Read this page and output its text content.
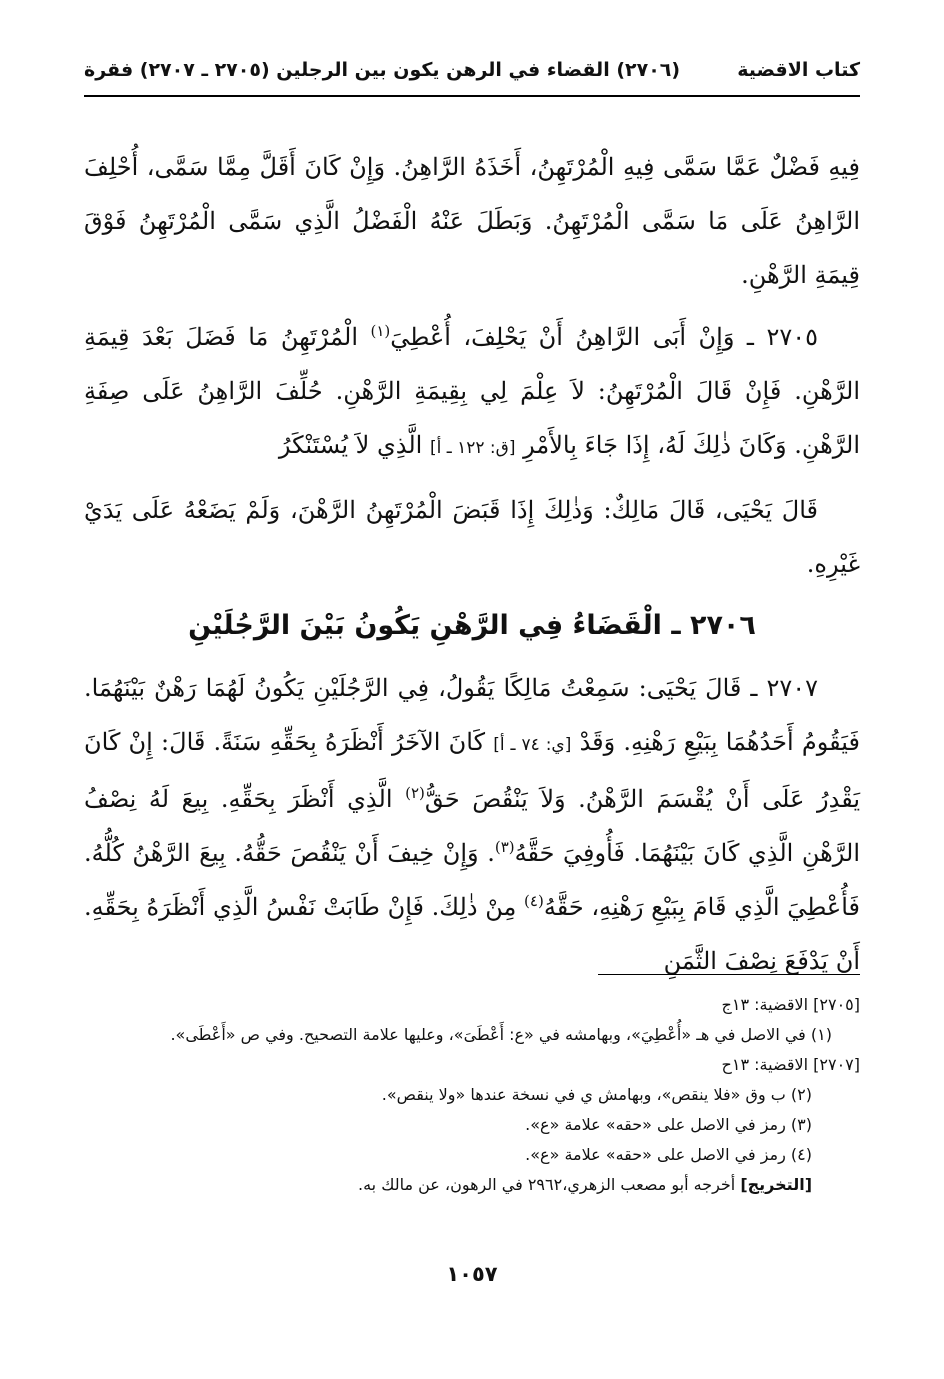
كتاب الاقضية
(٢٧٠٦) القضاء في الرهن يكون بين الرجلين (٢٧٠٥ ـ ٢٧٠٧) فقرة

فِيهِ فَضْلٌ عَمَّا سَمَّى فِيهِ الْمُرْتَهِنُ، أَخَذَهُ الرَّاهِنُ. وَإِنْ كَانَ أَقَلَّ مِمَّا سَمَّى، أُحْلِفَ الرَّاهِنُ عَلَى مَا سَمَّى الْمُرْتَهِنُ. وَبَطَلَ عَنْهُ الْفَضْلُ الَّذِي سَمَّى الْمُرْتَهِنُ فَوْقَ قِيمَةِ الرَّهْنِ.

٢٧٠٥ ـ وَإِنْ أَبَى الرَّاهِنُ أَنْ يَحْلِفَ، أُعْطِيَ$^{(١)}$ الْمُرْتَهِنُ مَا فَضَلَ بَعْدَ قِيمَةِ الرَّهْنِ. فَإِنْ قَالَ الْمُرْتَهِنُ: لاَ عِلْمَ لِي بِقِيمَةِ الرَّهْنِ. حُلِّفَ الرَّاهِنُ عَلَى صِفَةِ الرَّهْنِ. وَكَانَ ذٰلِكَ لَهُ، إِذَا جَاءَ بِالأَمْرِ [ق: ١٢٢ ـ أ] الَّذِي لاَ يُسْتَنْكَرُ

قَالَ يَحْيَى، قَالَ مَالِكٌ: وَذٰلِكَ إِذَا قَبَضَ الْمُرْتَهِنُ الرَّهْنَ، وَلَمْ يَضَعْهُ عَلَى يَدَيْ غَيْرِهِ.

٢٧٠٦ ـ الْقَضَاءُ فِي الرَّهْنِ يَكُونُ بَيْنَ الرَّجُلَيْنِ

٢٧٠٧ ـ قَالَ يَحْيَى: سَمِعْتُ مَالِكًا يَقُولُ، فِي الرَّجُلَيْنِ يَكُونُ لَهُمَا رَهْنٌ بَيْنَهُمَا. فَيَقُومُ أَحَدُهُمَا بِبَيْعِ رَهْنِهِ. وَقَدْ [ي: ٧٤ ـ أ] كَانَ الآخَرُ أَنْظَرَهُ بِحَقِّهِ سَنَةً. قَالَ: إِنْ كَانَ يَقْدِرُ عَلَى أَنْ يُقْسَمَ الرَّهْنُ. وَلاَ يَنْقُصَ حَقُّ$^{(٢)}$ الَّذِي أَنْظَرَ بِحَقِّهِ. بِيعَ لَهُ نِصْفُ الرَّهْنِ الَّذِي كَانَ بَيْنَهُمَا. فَأُوفِيَ حَقَّهُ$^{(٣)}$. وَإِنْ خِيفَ أَنْ يَنْقُصَ حَقُّهُ. بِيعَ الرَّهْنُ كُلُّهُ. فَأُعْطِيَ الَّذِي قَامَ بِبَيْعِ رَهْنِهِ، حَقَّهُ$^{(٤)}$ مِنْ ذٰلِكَ. فَإِنْ طَابَتْ نَفْسُ الَّذِي أَنْظَرَهُ بِحَقِّهِ. أَنْ يَدْفَعَ نِصْفَ الثَّمَنِ

[٢٧٠٥] الاقضية: ١٣ج

(١) في الاصل في هـ «أُعْطِيَ»، وبهامشه في «ع: أَعْطَىَ»، وعليها علامة التصحيح. وفي ص «أَعْطَى».

[٢٧٠٧] الاقضية: ١٣ح

(٢) ب وق «فلا ينقص»، وبهامش ي في نسخة عندها «ولا ينقص».

(٣) رمز في الاصل على «حقه» علامة «ع».

(٤) رمز في الاصل على «حقه» علامة «ع».

[التخريج] أخرجه أبو مصعب الزهري،٢٩٦٢ في الرهون، عن مالك به.

١٠٥٧
